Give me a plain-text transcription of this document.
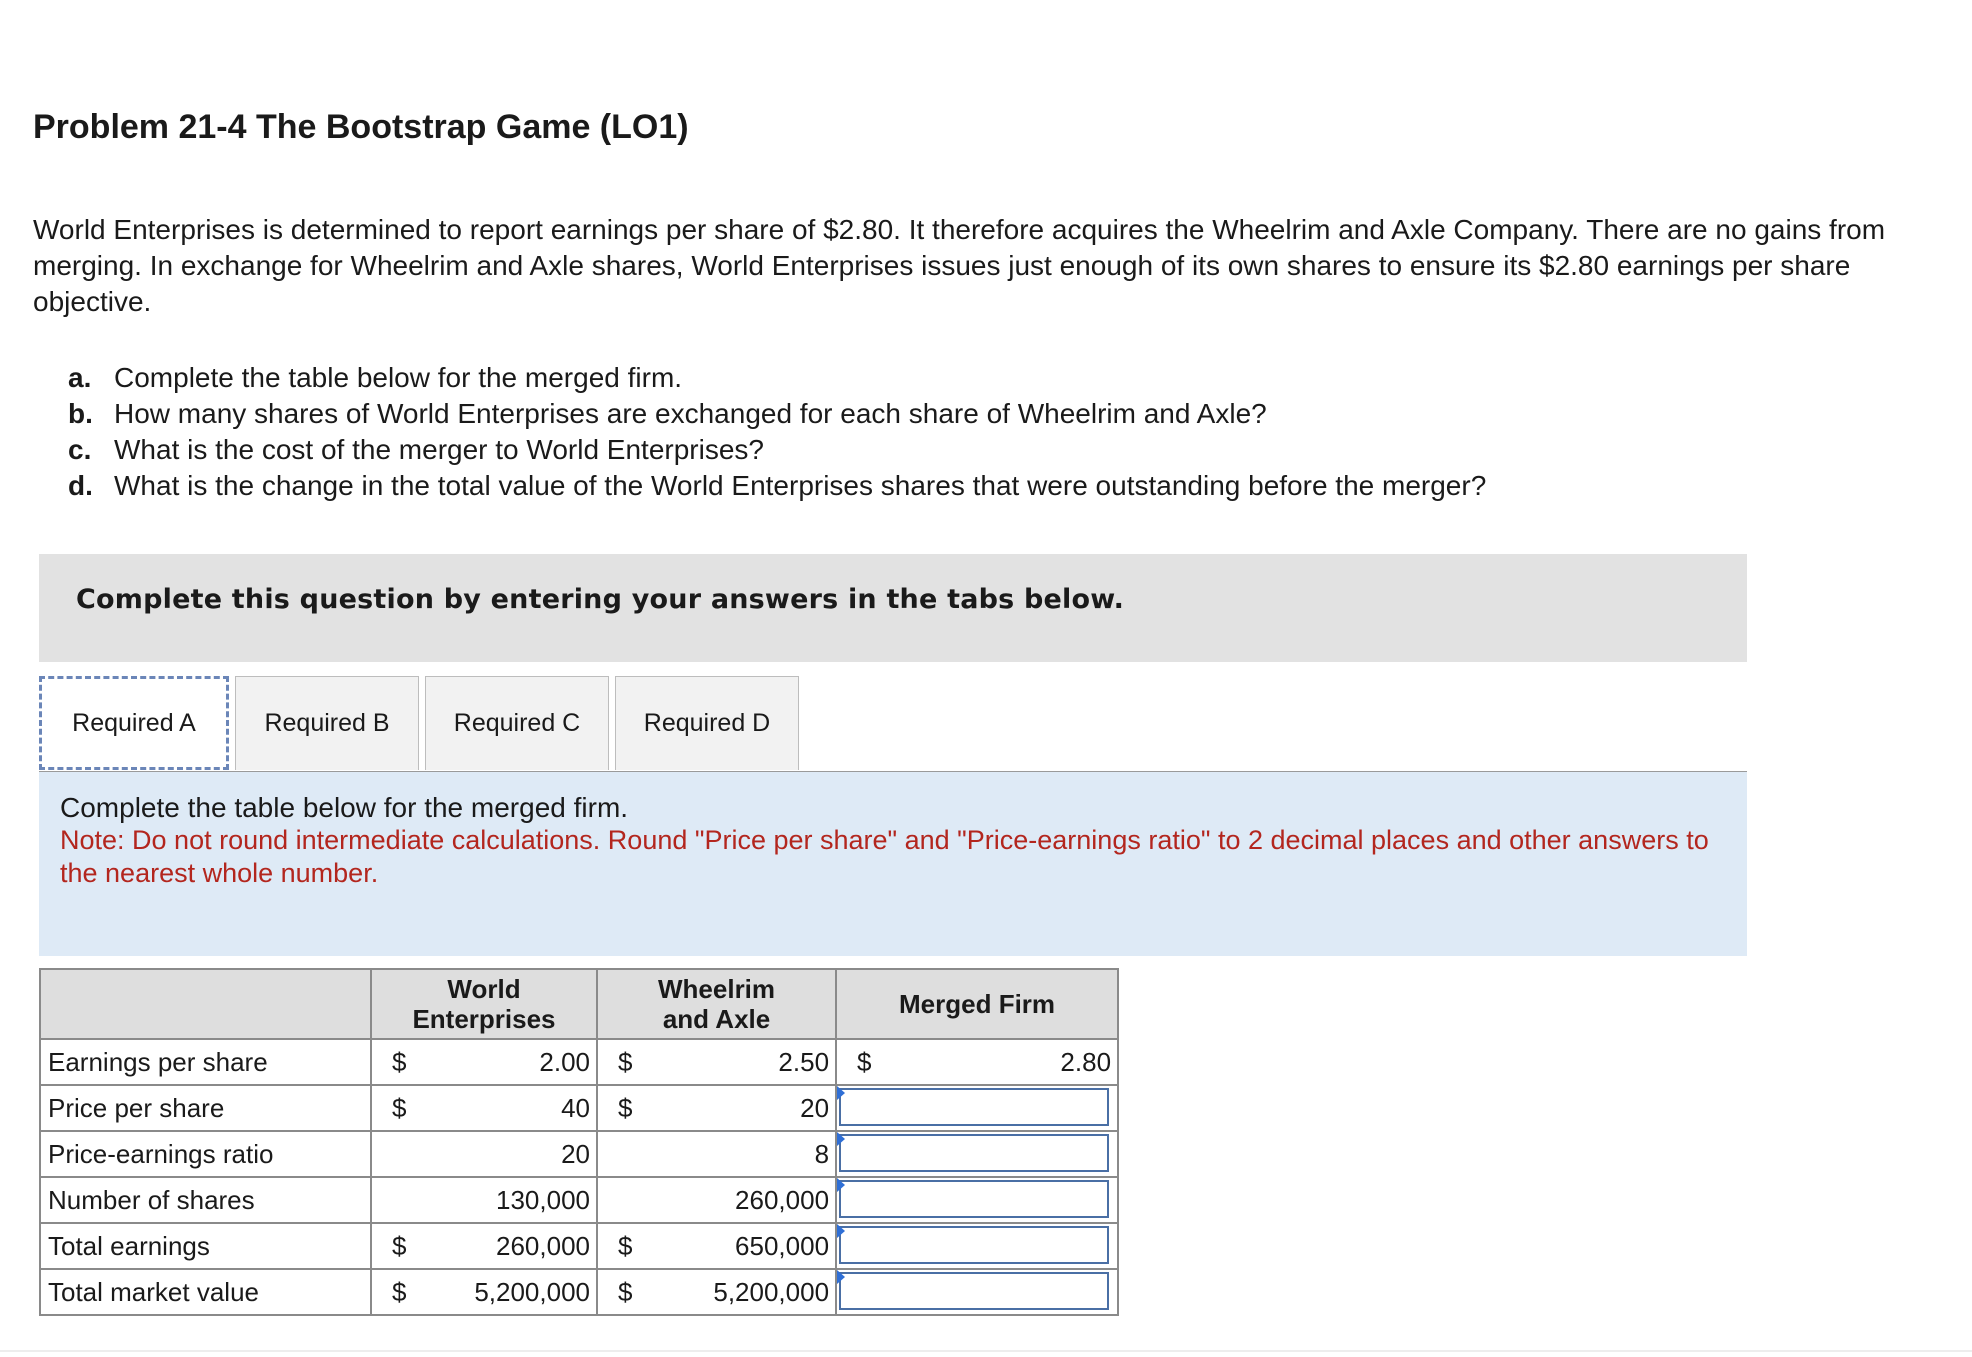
Problem 21-4 The Bootstrap Game (LO1)

World Enterprises is determined to report earnings per share of $2.80. It therefore acquires the Wheelrim and Axle Company. There are no gains from merging. In exchange for Wheelrim and Axle shares, World Enterprises issues just enough of its own shares to ensure its $2.80 earnings per share objective.

a. Complete the table below for the merged firm.
b. How many shares of World Enterprises are exchanged for each share of Wheelrim and Axle?
c. What is the cost of the merger to World Enterprises?
d. What is the change in the total value of the World Enterprises shares that were outstanding before the merger?
Complete this question by entering your answers in the tabs below.
Required A	Required B	Required C	Required D
Complete the table below for the merged firm.
Note: Do not round intermediate calculations. Round "Price per share" and "Price-earnings ratio" to 2 decimal places and other answers to the nearest whole number.
	World Enterprises	Wheelrim and Axle	Merged Firm
Earnings per share	$ 2.00	$ 2.50	$ 2.80

Price per share	$ 40	$ 20

Price-earnings ratio	20	8

Number of shares	130,000	260,000

Total earnings	$ 260,000	$ 650,000

Total market value	$ 5,200,000	$ 5,200,000
